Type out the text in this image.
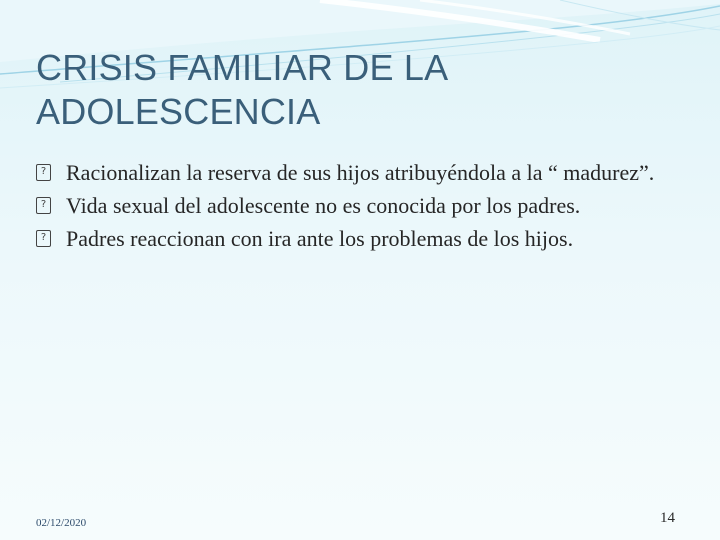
CRISIS FAMILIAR DE LA ADOLESCENCIA
? Racionalizan la reserva de sus hijos atribuyéndola a la “ madurez”.
? Vida sexual del adolescente no es conocida por los padres.
? Padres reaccionan con ira ante los problemas de los hijos.
02/12/2020	14
